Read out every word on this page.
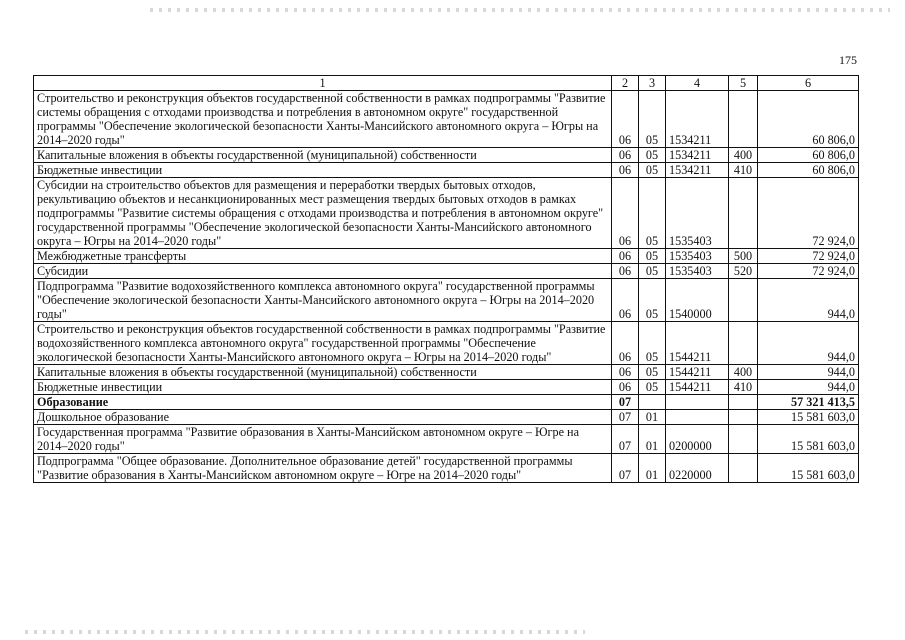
175
1	2	3	4	5	6
Строительство и реконструкция объектов государственной собственности в рамках подпрограммы "Развитие системы обращения с отходами производства и потребления в автономном округе" государственной программы "Обеспечение экологической безопасности Ханты-Мансийского автономного округа – Югры на 2014–2020 годы"	06	05	1534211		60 806,0
Капитальные вложения в объекты государственной (муниципальной) собственности	06	05	1534211	400	60 806,0
Бюджетные инвестиции	06	05	1534211	410	60 806,0
Субсидии на строительство объектов для размещения и переработки твердых бытовых отходов, рекультивацию объектов и несанкционированных мест размещения твердых бытовых отходов в рамках подпрограммы "Развитие системы обращения с отходами производства и потребления в автономном округе" государственной программы "Обеспечение экологической безопасности Ханты-Мансийского автономного округа – Югры на 2014–2020 годы"	06	05	1535403		72 924,0
Межбюджетные трансферты	06	05	1535403	500	72 924,0
Субсидии	06	05	1535403	520	72 924,0
Подпрограмма "Развитие водохозяйственного комплекса автономного округа" государственной программы "Обеспечение экологической безопасности Ханты-Мансийского автономного округа – Югры на 2014–2020 годы"	06	05	1540000		944,0
Строительство и реконструкция объектов государственной собственности в рамках подпрограммы "Развитие водохозяйственного комплекса автономного округа" государственной программы "Обеспечение экологической безопасности Ханты-Мансийского автономного округа – Югры на 2014–2020 годы"	06	05	1544211		944,0
Капитальные вложения в объекты государственной (муниципальной) собственности	06	05	1544211	400	944,0
Бюджетные инвестиции	06	05	1544211	410	944,0
Образование	07				57 321 413,5
Дошкольное образование	07	01			15 581 603,0
Государственная программа "Развитие образования в Ханты-Мансийском автономном округе – Югре на 2014–2020 годы"	07	01	0200000		15 581 603,0
Подпрограмма "Общее образование. Дополнительное образование детей" государственной программы "Развитие образования в Ханты-Мансийском автономном округе – Югре на 2014–2020 годы"	07	01	0220000		15 581 603,0
